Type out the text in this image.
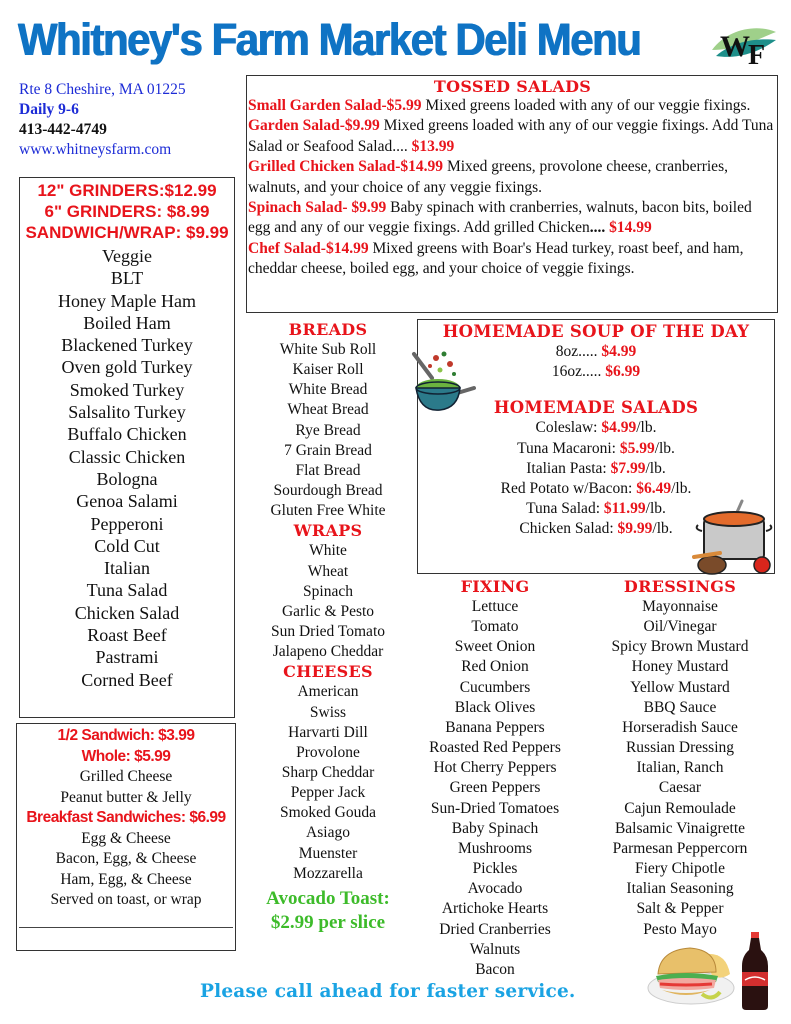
Whitney's Farm Market Deli Menu	W
F
Rte 8 Cheshire, MA 01225
Daily 9-6
413-442-4749
www.whitneysfarm.com
12" GRINDERS:$12.99
6" GRINDERS: $8.99
SANDWICH/WRAP: $9.99
Veggie
BLT
Honey Maple Ham
Boiled Ham
Blackened Turkey
Oven gold Turkey
Smoked Turkey
Salsalito Turkey
Buffalo Chicken
Classic Chicken
Bologna
Genoa Salami
Pepperoni
Cold Cut
Italian
Tuna Salad
Chicken Salad
Roast Beef
Pastrami
Corned Beef
1/2 Sandwich: $3.99
Whole: $5.99
Grilled Cheese
Peanut butter & Jelly
Breakfast Sandwiches: $6.99
Egg & Cheese
Bacon, Egg, & Cheese
Ham, Egg, & Cheese
Served on toast, or wrap
TOSSED SALADS

Small Garden Salad-$5.99 Mixed greens loaded with any of our veggie fixings.

Garden Salad-$9.99 Mixed greens loaded with any of our veggie fixings. Add Tuna Salad or Seafood Salad.... $13.99

Grilled Chicken Salad-$14.99 Mixed greens, provolone cheese, cranberries, walnuts, and your choice of any veggie fixings.

Spinach Salad- $9.99 Baby spinach with cranberries, walnuts, bacon bits, boiled egg and any of our veggie fixings. Add grilled Chicken.... $14.99

Chef Salad-$14.99 Mixed greens with Boar's Head turkey, roast beef, and ham, cheddar cheese, boiled egg, and your choice of veggie fixings.

BREADS
White Sub Roll
Kaiser Roll
White Bread
Wheat Bread
Rye Bread
7 Grain Bread
Flat Bread
Sourdough Bread
Gluten Free White
WRAPS
White
Wheat
Spinach
Garlic & Pesto
Sun Dried Tomato
Jalapeno Cheddar
CHEESES
American
Swiss
Harvarti Dill
Provolone
Sharp Cheddar
Pepper Jack
Smoked Gouda
Asiago
Muenster
Mozzarella
Avocado Toast:
$2.99 per slice
HOMEMADE SOUP OF THE DAY
8oz..... $4.99
16oz..... $6.99
HOMEMADE SALADS
Coleslaw: $4.99/lb.
Tuna Macaroni: $5.99/lb.
Italian Pasta: $7.99/lb.
Red Potato w/Bacon: $6.49/lb.
Tuna Salad: $11.99/lb.
Chicken Salad: $9.99/lb.
FIXING
Lettuce
Tomato
Sweet Onion
Red Onion
Cucumbers
Black Olives
Banana Peppers
Roasted Red Peppers
Hot Cherry Peppers
Green Peppers
Sun-Dried Tomatoes
Baby Spinach
Mushrooms
Pickles
Avocado
Artichoke Hearts
Dried Cranberries
Walnuts
Bacon
DRESSINGS
Mayonnaise
Oil/Vinegar
Spicy Brown Mustard
Honey Mustard
Yellow Mustard
BBQ Sauce
Horseradish Sauce
Russian Dressing
Italian, Ranch
Caesar
Cajun Remoulade
Balsamic Vinaigrette
Parmesan Peppercorn
Fiery Chipotle
Italian Seasoning
Salt & Pepper
Pesto Mayo
Please call ahead for faster service.
